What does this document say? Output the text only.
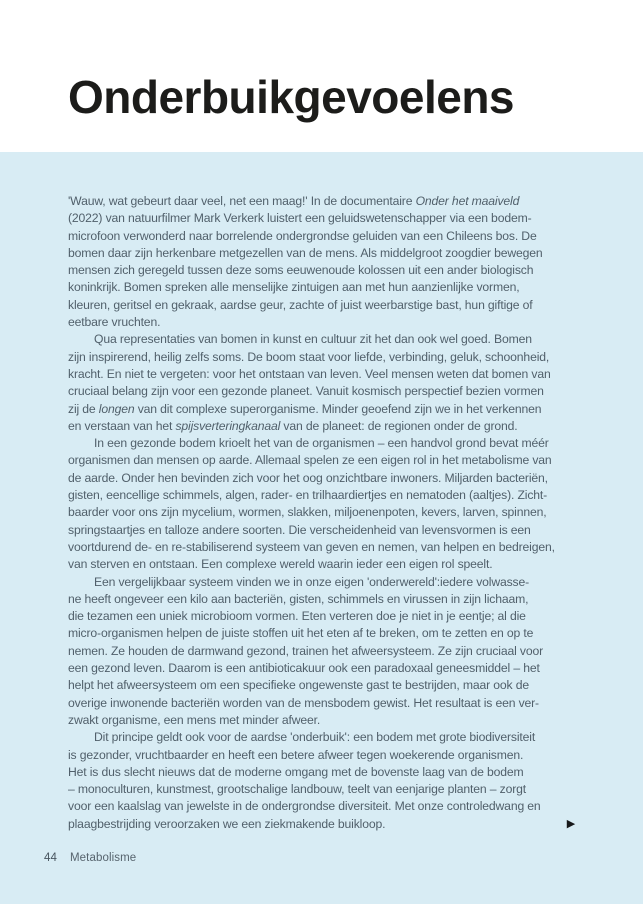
Onderbuikgevoelens
'Wauw, wat gebeurt daar veel, net een maag!' In de documentaire Onder het maaiveld
(2022) van natuurfilmer Mark Verkerk luistert een geluidswetenschapper via een bodem-
microfoon verwonderd naar borrelende ondergrondse geluiden van een Chileens bos. De
bomen daar zijn herkenbare metgezellen van de mens. Als middelgroot zoogdier bewegen
mensen zich geregeld tussen deze soms eeuwenoude kolossen uit een ander biologisch
koninkrijk. Bomen spreken alle menselijke zintuigen aan met hun aanzienlijke vormen,
kleuren, geritsel en gekraak, aardse geur, zachte of juist weerbarstige bast, hun giftige of
eetbare vruchten.
Qua representaties van bomen in kunst en cultuur zit het dan ook wel goed. Bomen
zijn inspirerend, heilig zelfs soms. De boom staat voor liefde, verbinding, geluk, schoonheid,
kracht. En niet te vergeten: voor het ontstaan van leven. Veel mensen weten dat bomen van
cruciaal belang zijn voor een gezonde planeet. Vanuit kosmisch perspectief bezien vormen
zij de longen van dit complexe superorganisme. Minder geoefend zijn we in het verkennen
en verstaan van het spijsverteringkanaal van de planeet: de regionen onder de grond.
In een gezonde bodem krioelt het van de organismen – een handvol grond bevat méér
organismen dan mensen op aarde. Allemaal spelen ze een eigen rol in het metabolisme van
de aarde. Onder hen bevinden zich voor het oog onzichtbare inwoners. Miljarden bacteriën,
gisten, eencellige schimmels, algen, rader- en trilhaardiertjes en nematoden (aaltjes). Zicht-
baarder voor ons zijn mycelium, wormen, slakken, miljoenenpoten, kevers, larven, spinnen,
springstaartjes en talloze andere soorten. Die verscheidenheid van levensvormen is een
voortdurend de- en re-stabiliserend systeem van geven en nemen, van helpen en bedreigen,
van sterven en ontstaan. Een complexe wereld waarin ieder een eigen rol speelt.
Een vergelijkbaar systeem vinden we in onze eigen 'onderwereld':iedere volwasse-
ne heeft ongeveer een kilo aan bacteriën, gisten, schimmels en virussen in zijn lichaam,
die tezamen een uniek microbioom vormen. Eten verteren doe je niet in je eentje; al die
micro-organismen helpen de juiste stoffen uit het eten af te breken, om te zetten en op te
nemen. Ze houden de darmwand gezond, trainen het afweersysteem. Ze zijn cruciaal voor
een gezond leven. Daarom is een antibioticakuur ook een paradoxaal geneesmiddel – het
helpt het afweersysteem om een specifieke ongewenste gast te bestrijden, maar ook de
overige inwonende bacteriën worden van de mensbodem gewist. Het resultaat is een ver-
zwakt organisme, een mens met minder afweer.
Dit principe geldt ook voor de aardse 'onderbuik': een bodem met grote biodiversiteit
is gezonder, vruchtbaarder en heeft een betere afweer tegen woekerende organismen.
Het is dus slecht nieuws dat de moderne omgang met de bovenste laag van de bodem
– monoculturen, kunstmest, grootschalige landbouw, teelt van eenjarige planten – zorgt
voor een kaalslag van jewelste in de ondergrondse diversiteit. Met onze controledwang en
plaagbestrijding veroorzaken we een ziekmakende buikloop.	▶
44 Metabolisme
